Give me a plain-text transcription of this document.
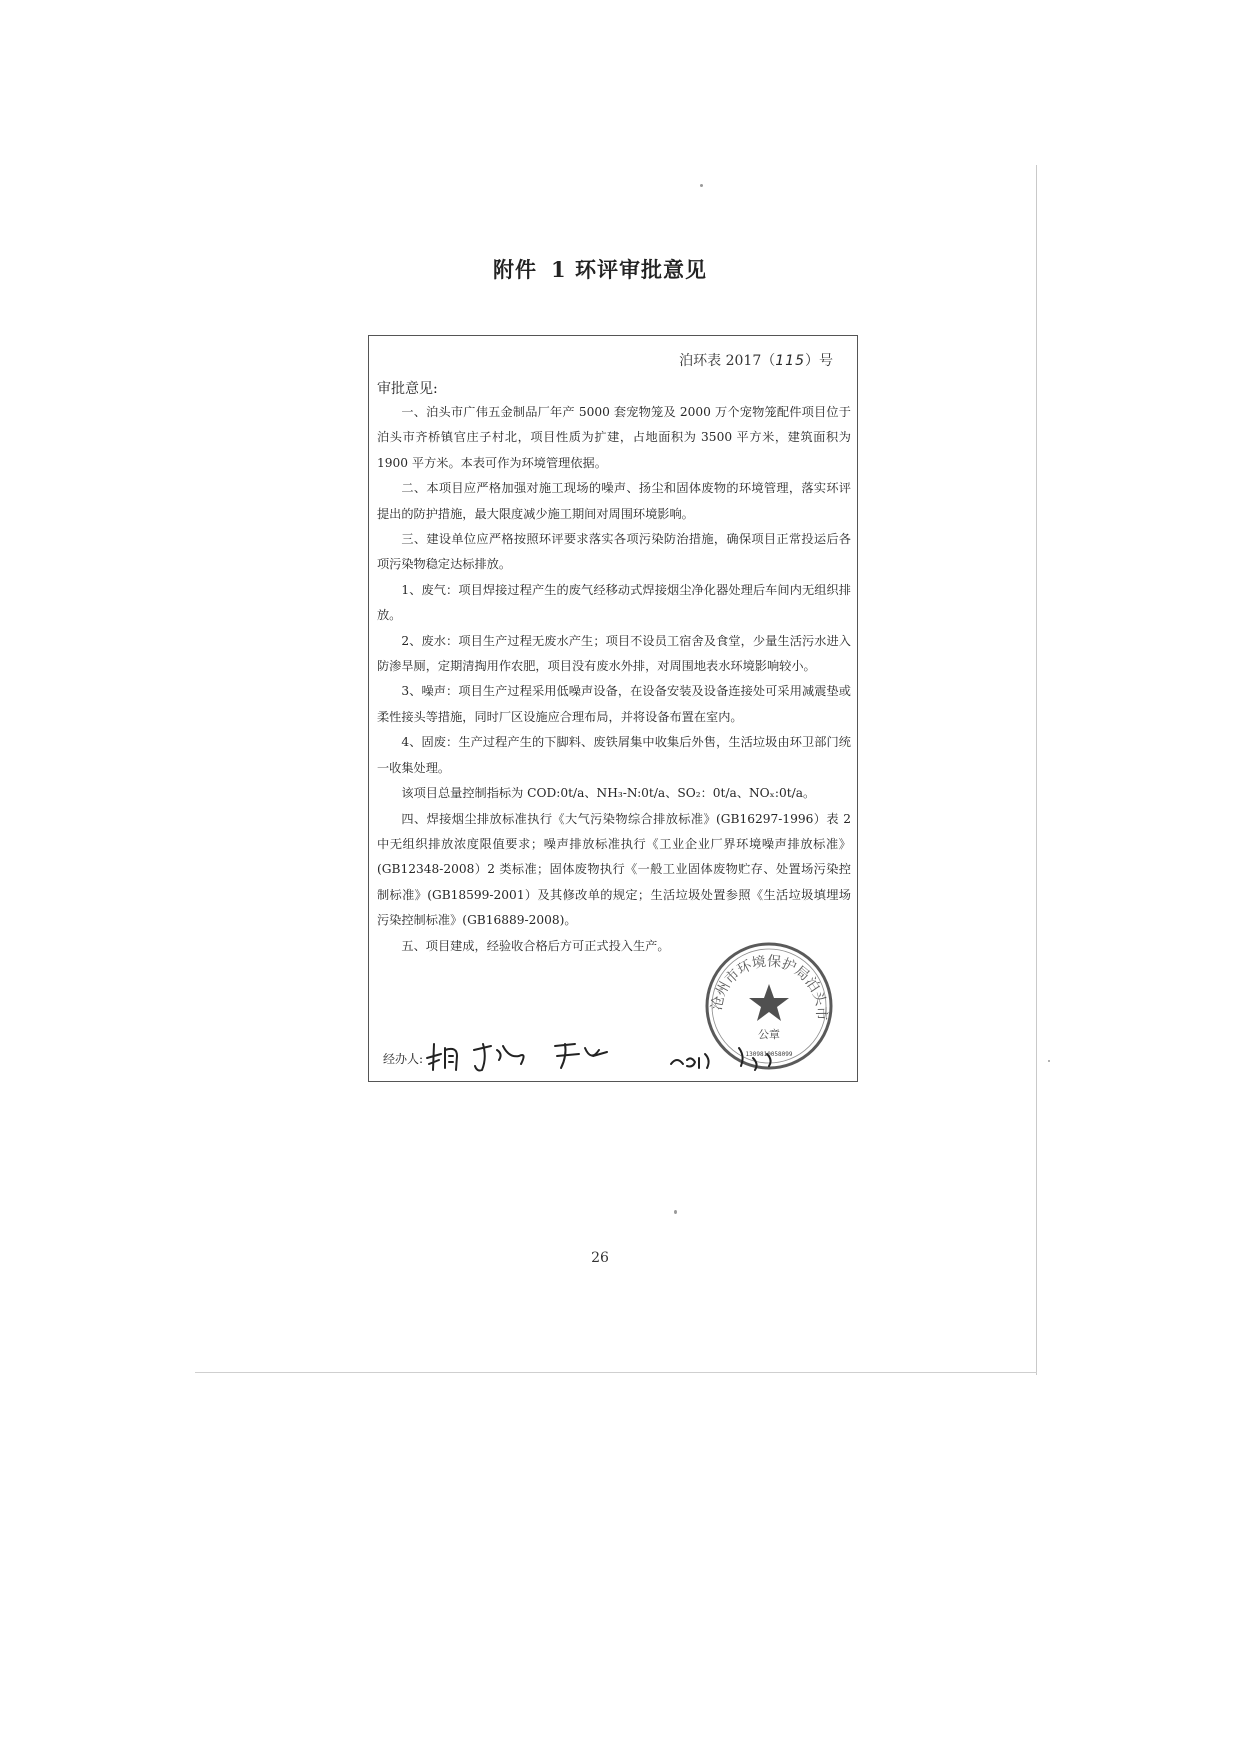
附件 1 环评审批意见
泊环表 2017（115）号
审批意见:

一、泊头市广伟五金制品厂年产 5000 套宠物笼及 2000 万个宠物笼配件项目位于泊头市齐桥镇官庄子村北，项目性质为扩建，占地面积为 3500 平方米，建筑面积为 1900 平方米。本表可作为环境管理依据。

二、本项目应严格加强对施工现场的噪声、扬尘和固体废物的环境管理，落实环评提出的防护措施，最大限度减少施工期间对周围环境影响。

三、建设单位应严格按照环评要求落实各项污染防治措施，确保项目正常投运后各项污染物稳定达标排放。

1、废气：项目焊接过程产生的废气经移动式焊接烟尘净化器处理后车间内无组织排放。

2、废水：项目生产过程无废水产生；项目不设员工宿舍及食堂，少量生活污水进入防渗旱厕，定期清掏用作农肥，项目没有废水外排，对周围地表水环境影响较小。

3、噪声：项目生产过程采用低噪声设备，在设备安装及设备连接处可采用减震垫或柔性接头等措施，同时厂区设施应合理布局，并将设备布置在室内。

4、固废：生产过程产生的下脚料、废铁屑集中收集后外售，生活垃圾由环卫部门统一收集处理。

该项目总量控制指标为 COD:0t/a、NH₃-N:0t/a、SO₂：0t/a、NOₓ:0t/a。

四、焊接烟尘排放标准执行《大气污染物综合排放标准》(GB16297-1996）表 2 中无组织排放浓度限值要求；噪声排放标准执行《工业企业厂界环境噪声排放标准》(GB12348-2008）2 类标准；固体废物执行《一般工业固体废物贮存、处置场污染控制标准》(GB18599-2001）及其修改单的规定；生活垃圾处置参照《生活垃圾填埋场污染控制标准》(GB16889-2008)。

五、项目建成，经验收合格后方可正式投入生产。

沧州市环境保护局泊头市
公章
1309810058099
经办人:
26
